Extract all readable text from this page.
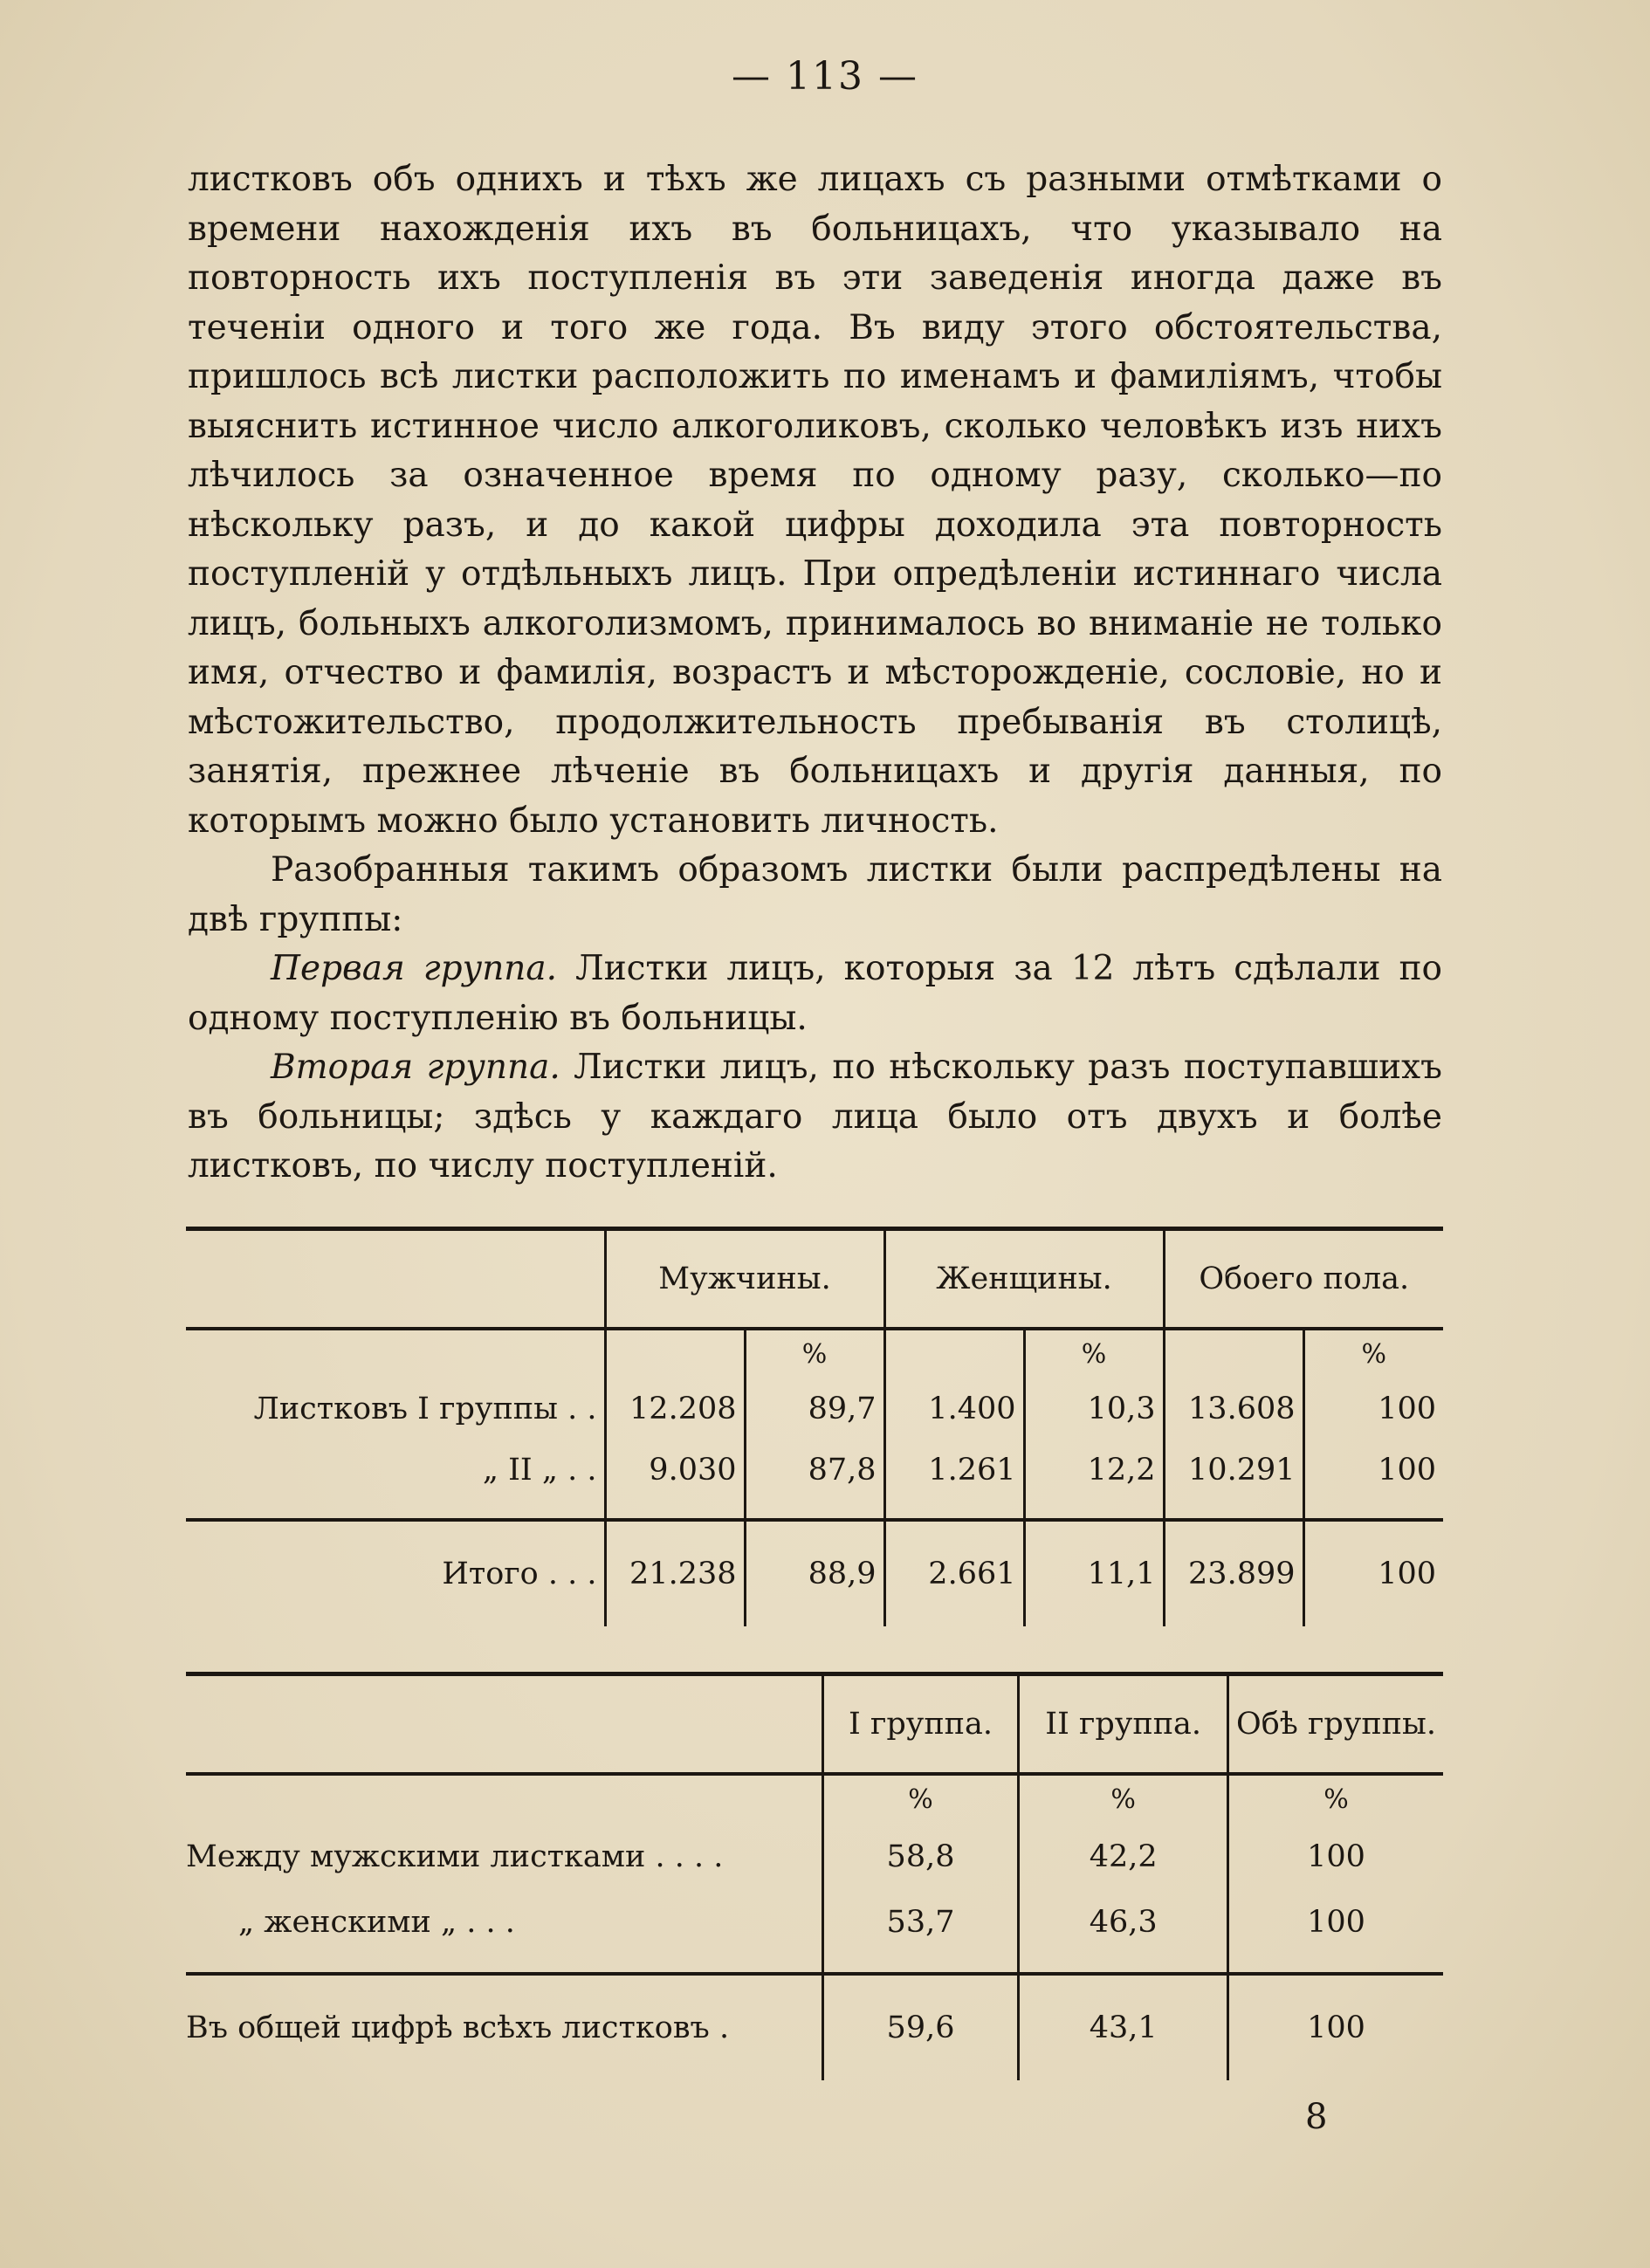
— 113 —

листковъ объ однихъ и тѣхъ же лицахъ съ разными отмѣтками о времени нахожденія ихъ въ больницахъ, что указывало на повторность ихъ поступленія въ эти заведенія иногда даже въ теченіи одного и того же года. Въ виду этого обстоятельства, пришлось всѣ листки расположить по именамъ и фамиліямъ, чтобы выяснить истинное число алкоголиковъ, сколько человѣкъ изъ нихъ лѣчилось за означенное время по одному разу, сколько—по нѣскольку разъ, и до какой цифры доходила эта повторность поступленій у отдѣльныхъ лицъ. При опредѣленіи истиннаго числа лицъ, больныхъ алкоголизмомъ, принималось во вниманіе не только имя, отчество и фамилія, возрастъ и мѣсторожденіе, сословіе, но и мѣстожительство, продолжительность пребыванія въ столицѣ, занятія, прежнее лѣченіе въ больницахъ и другія данныя, по которымъ можно было установить личность.

Разобранныя такимъ образомъ листки были распредѣлены на двѣ группы:

Первая группа. Листки лицъ, которыя за 12 лѣтъ сдѣлали по одному поступленію въ больницы.

Вторая группа. Листки лицъ, по нѣскольку разъ поступавшихъ въ больницы; здѣсь у каждаго лица было отъ двухъ и болѣе листковъ, по числу поступленій.

	Мужчины.		Женщины.		Обоего пола.	
		%		%		%
Листковъ I группы . .	12.208	89,7	1.400	10,3	13.608	100
„ II „ . .	9.030	87,8	1.261	12,2	10.291	100
Итого . . .	21.238	88,9	2.661	11,1	23.899	100
	I группа.	II группа.	Обѣ группы.
	%	%	%
Между мужскими листками . . . .	58,8	42,2	100
„ женскими „ . . .	53,7	46,3	100
Въ общей цифрѣ всѣхъ листковъ .	59,6	43,1	100
8
